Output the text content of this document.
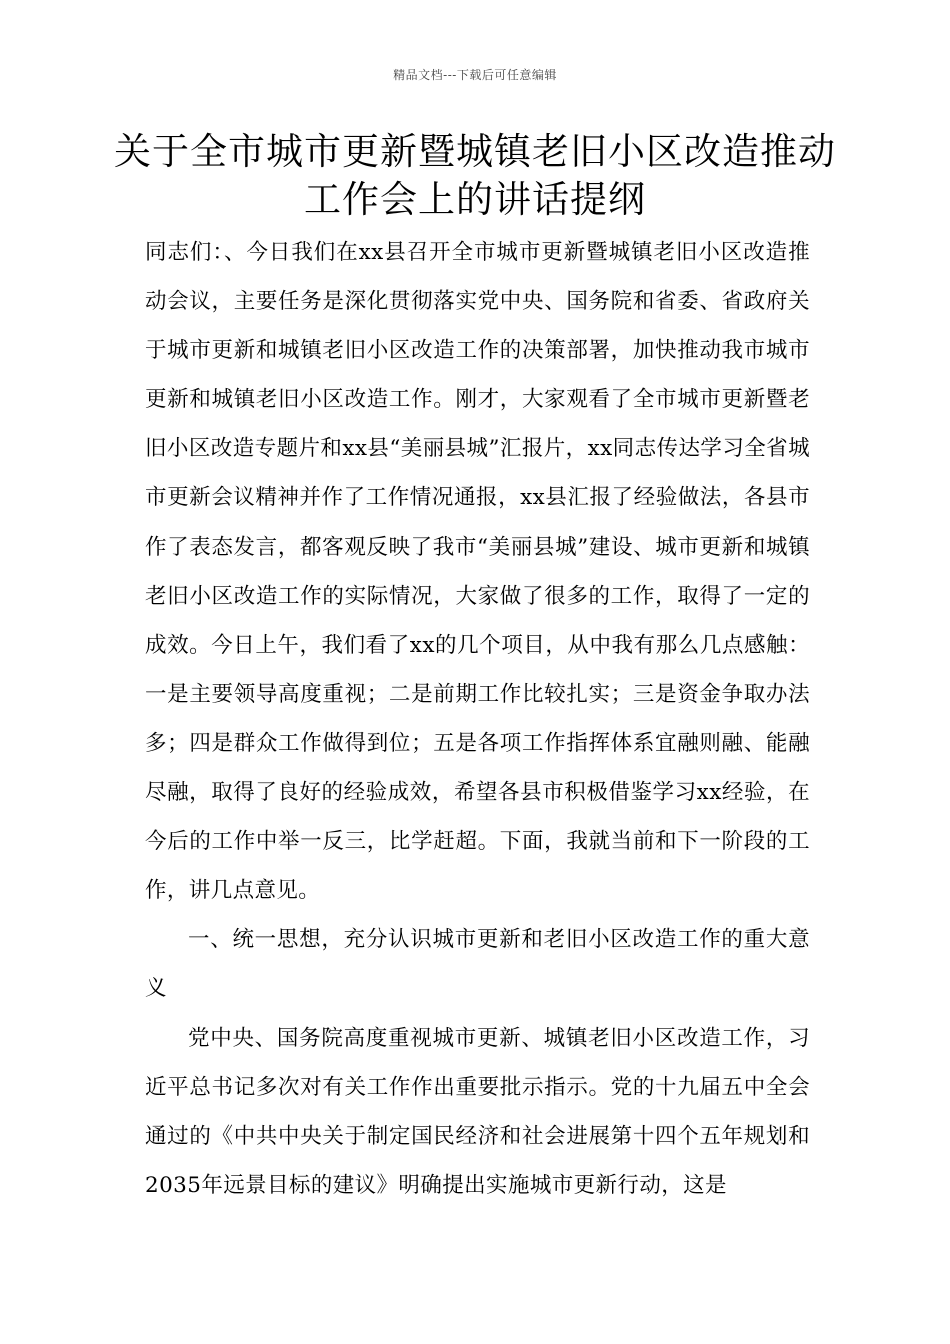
精品文档---下载后可任意编辑
关于全市城市更新暨城镇老旧小区改造推动工作会上的讲话提纲

同志们：、今日我们在xx县召开全市城市更新暨城镇老旧小区改造推动会议，主要任务是深化贯彻落实党中央、国务院和省委、省政府关于城市更新和城镇老旧小区改造工作的决策部署，加快推动我市城市更新和城镇老旧小区改造工作。刚才，大家观看了全市城市更新暨老旧小区改造专题片和xx县“美丽县城”汇报片，xx同志传达学习全省城市更新会议精神并作了工作情况通报，xx县汇报了经验做法，各县市作了表态发言，都客观反映了我市“美丽县城”建设、城市更新和城镇老旧小区改造工作的实际情况，大家做了很多的工作，取得了一定的成效。今日上午，我们看了xx的几个项目，从中我有那么几点感触：一是主要领导高度重视；二是前期工作比较扎实；三是资金争取办法多；四是群众工作做得到位；五是各项工作指挥体系宜融则融、能融尽融，取得了良好的经验成效，希望各县市积极借鉴学习xx经验，在今后的工作中举一反三，比学赶超。下面，我就当前和下一阶段的工作，讲几点意见。

一、统一思想，充分认识城市更新和老旧小区改造工作的重大意义

党中央、国务院高度重视城市更新、城镇老旧小区改造工作，习近平总书记多次对有关工作作出重要批示指示。党的十九届五中全会通过的《中共中央关于制定国民经济和社会进展第十四个五年规划和2035年远景目标的建议》明确提出实施城市更新行动，这是
